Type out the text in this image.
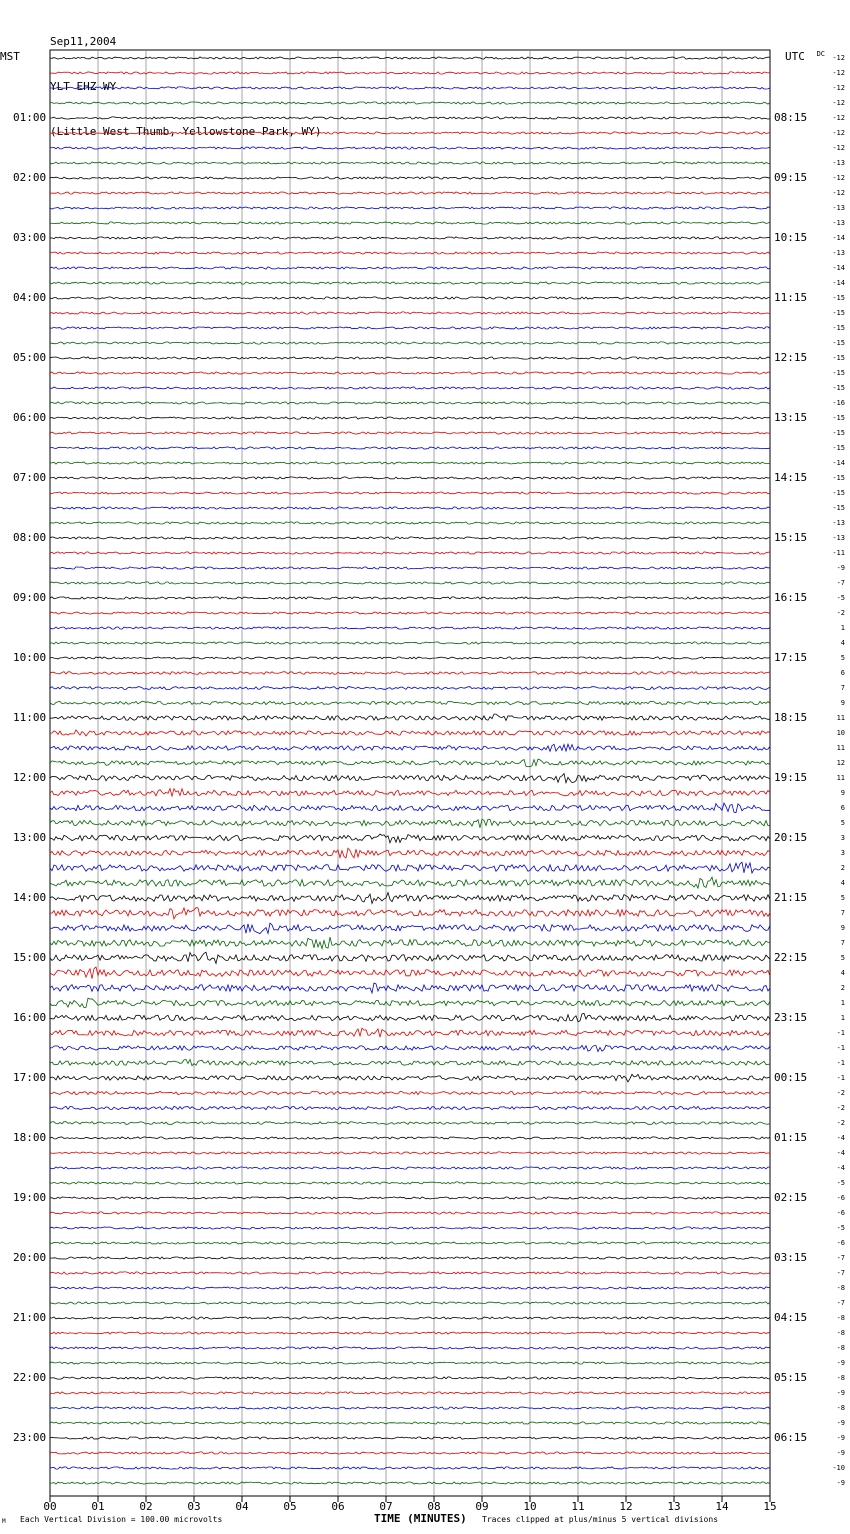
Sep11,2004

YLT EHZ WY

(Little West Thumb, Yellowstone Park, WY)

-12
-12
-12
-12
-12
-12
-12
-13
-12
-12
-13
-13
-14
-13
-14
-14
-15
-15
-15
-15
-15
-15
-15
-16
-15
-15
-15
-14
-15
-15
-15
-13
-13
-11
-9
-7
-5
-2
1
4
5
6
7
9
11
10
11
12
11
9
6
5
3
3
2
4
5
7
9
7
5
4
2
1
1
-1
-1
-1
-1
-2
-2
-2
-4
-4
-4
-5
-6
-6
-5
-6
-7
-7
-8
-7
-8
-8
-8
-9
-8
-9
-8
-9
-9
-9
-10
-9
MST	UTC	DC
01:00
02:00
03:00
04:00
05:00
06:00
07:00
08:00
09:00
10:00
11:00
12:00
13:00
14:00
15:00
16:00
17:00
18:00
19:00
20:00
21:00
22:00
23:00
08:15
09:15
10:15
11:15
12:15
13:15
14:15
15:15
16:15
17:15
18:15
19:15
20:15
21:15
22:15
23:15
00:15
01:15
02:15
03:15
04:15
05:15
06:15
00	01	02	03	04	05	06	07	08	09	10	11	12	13	14	15
M Each Vertical Division = 100.00 microvolts	TIME (MINUTES) Traces clipped at plus/minus 5 vertical divisions
